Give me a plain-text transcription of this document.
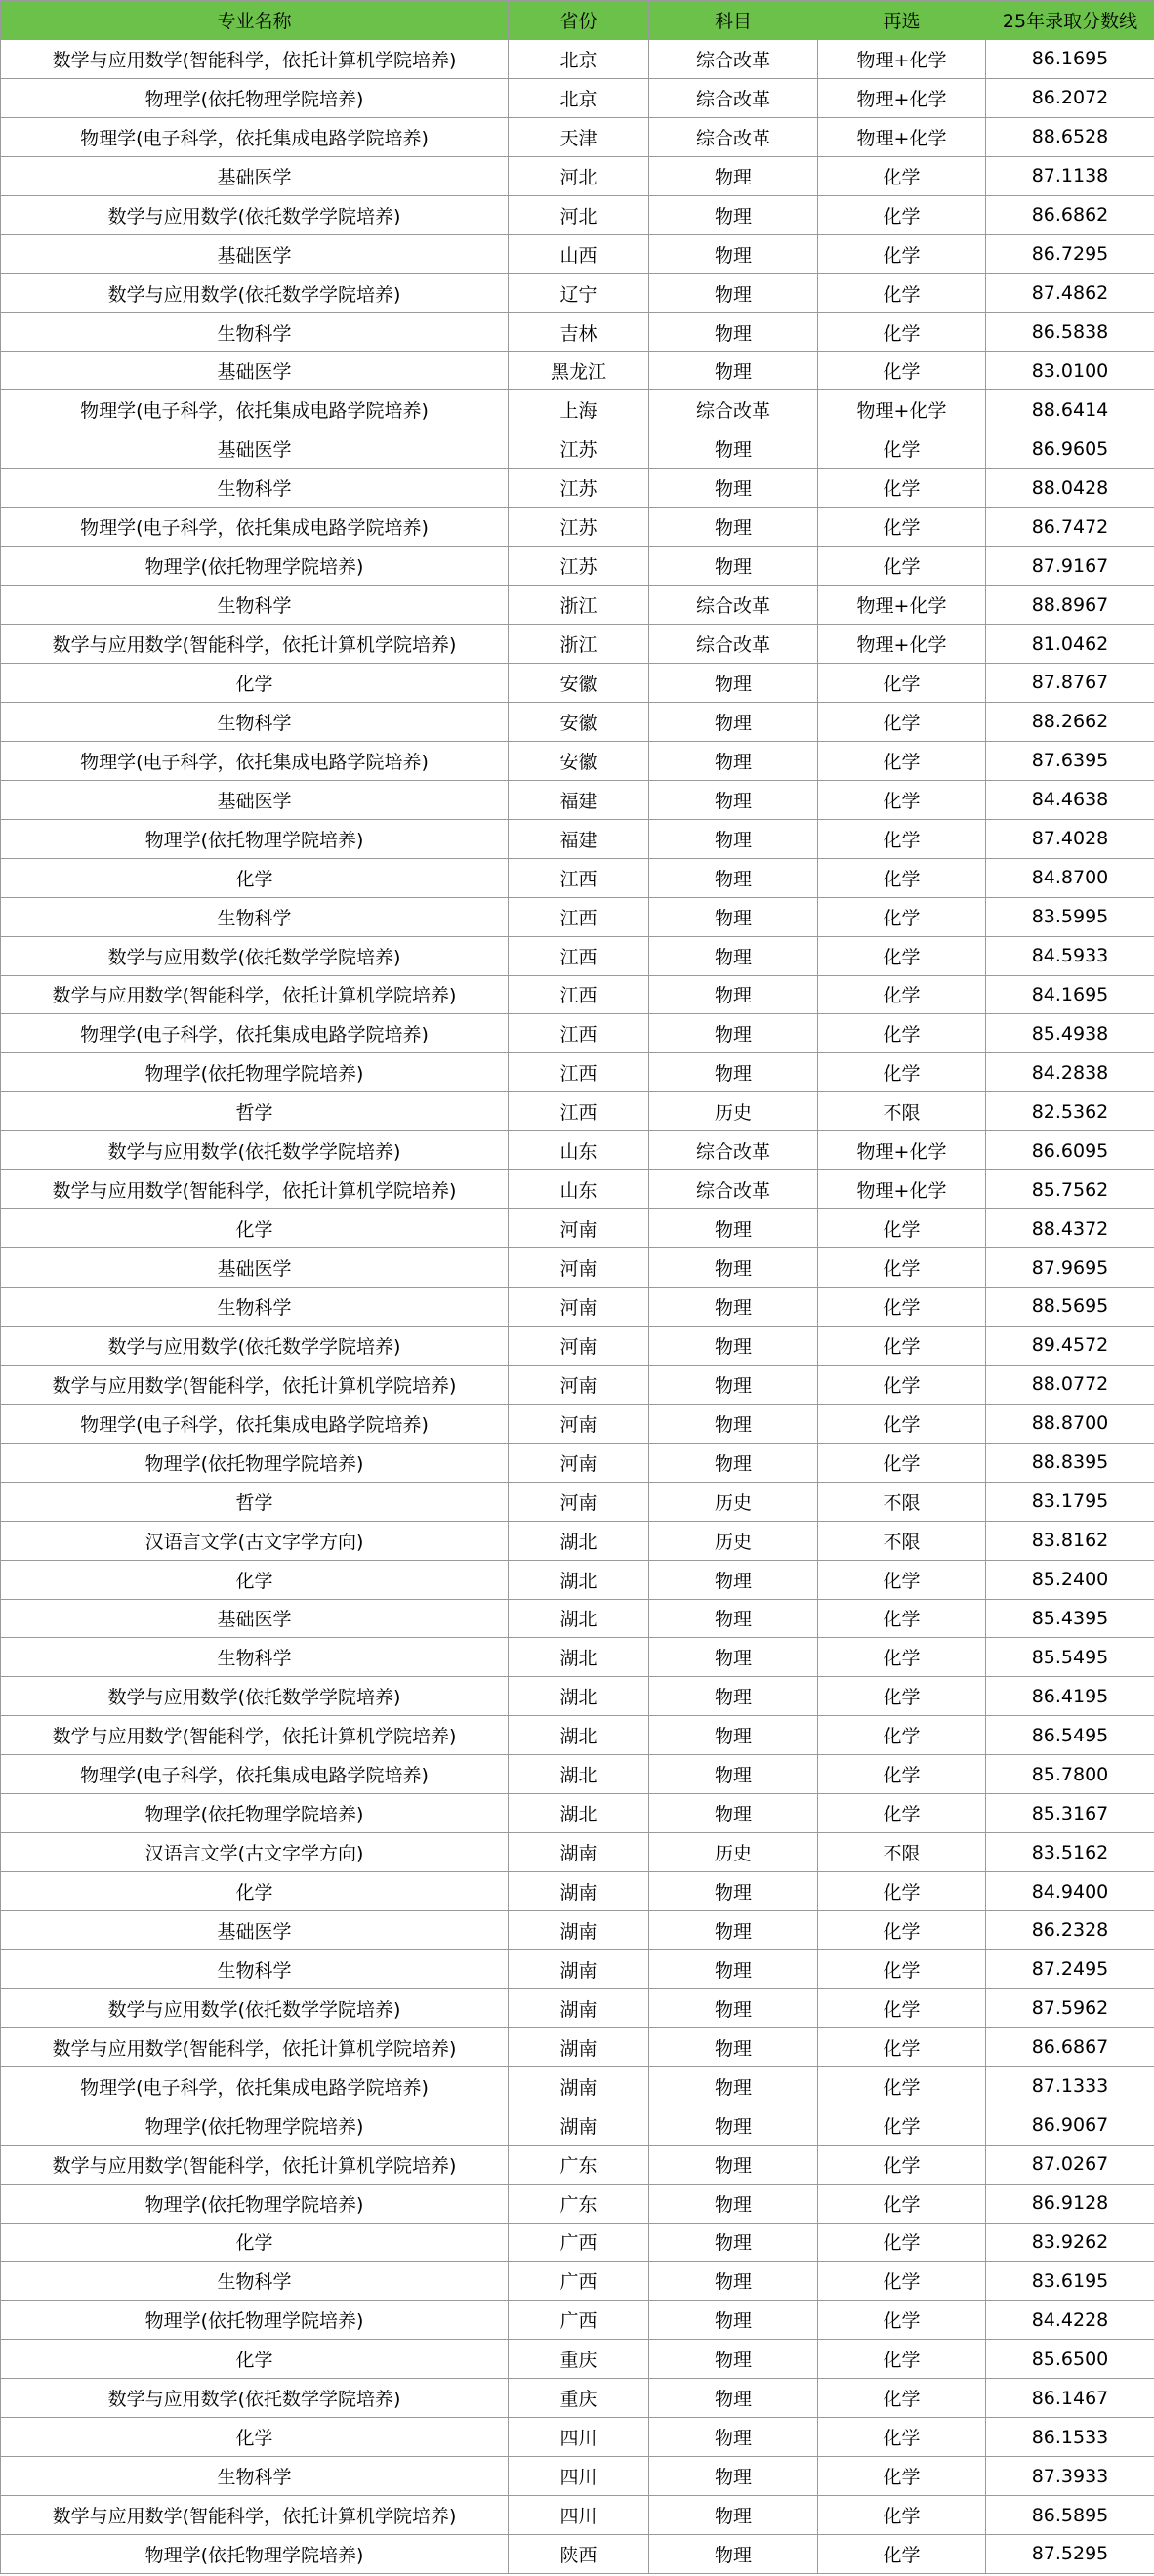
专业名称	省份	科目	再选	25年录取分数线
数学与应用数学(智能科学，依托计算机学院培养)	北京	综合改革	物理+化学	86.1695
物理学(依托物理学院培养)	北京	综合改革	物理+化学	86.2072
物理学(电子科学，依托集成电路学院培养)	天津	综合改革	物理+化学	88.6528
基础医学	河北	物理	化学	87.1138
数学与应用数学(依托数学学院培养)	河北	物理	化学	86.6862
基础医学	山西	物理	化学	86.7295
数学与应用数学(依托数学学院培养)	辽宁	物理	化学	87.4862
生物科学	吉林	物理	化学	86.5838
基础医学	黑龙江	物理	化学	83.0100
物理学(电子科学，依托集成电路学院培养)	上海	综合改革	物理+化学	88.6414
基础医学	江苏	物理	化学	86.9605
生物科学	江苏	物理	化学	88.0428
物理学(电子科学，依托集成电路学院培养)	江苏	物理	化学	86.7472
物理学(依托物理学院培养)	江苏	物理	化学	87.9167
生物科学	浙江	综合改革	物理+化学	88.8967
数学与应用数学(智能科学，依托计算机学院培养)	浙江	综合改革	物理+化学	81.0462
化学	安徽	物理	化学	87.8767
生物科学	安徽	物理	化学	88.2662
物理学(电子科学，依托集成电路学院培养)	安徽	物理	化学	87.6395
基础医学	福建	物理	化学	84.4638
物理学(依托物理学院培养)	福建	物理	化学	87.4028
化学	江西	物理	化学	84.8700
生物科学	江西	物理	化学	83.5995
数学与应用数学(依托数学学院培养)	江西	物理	化学	84.5933
数学与应用数学(智能科学，依托计算机学院培养)	江西	物理	化学	84.1695
物理学(电子科学，依托集成电路学院培养)	江西	物理	化学	85.4938
物理学(依托物理学院培养)	江西	物理	化学	84.2838
哲学	江西	历史	不限	82.5362
数学与应用数学(依托数学学院培养)	山东	综合改革	物理+化学	86.6095
数学与应用数学(智能科学，依托计算机学院培养)	山东	综合改革	物理+化学	85.7562
化学	河南	物理	化学	88.4372
基础医学	河南	物理	化学	87.9695
生物科学	河南	物理	化学	88.5695
数学与应用数学(依托数学学院培养)	河南	物理	化学	89.4572
数学与应用数学(智能科学，依托计算机学院培养)	河南	物理	化学	88.0772
物理学(电子科学，依托集成电路学院培养)	河南	物理	化学	88.8700
物理学(依托物理学院培养)	河南	物理	化学	88.8395
哲学	河南	历史	不限	83.1795
汉语言文学(古文字学方向)	湖北	历史	不限	83.8162
化学	湖北	物理	化学	85.2400
基础医学	湖北	物理	化学	85.4395
生物科学	湖北	物理	化学	85.5495
数学与应用数学(依托数学学院培养)	湖北	物理	化学	86.4195
数学与应用数学(智能科学，依托计算机学院培养)	湖北	物理	化学	86.5495
物理学(电子科学，依托集成电路学院培养)	湖北	物理	化学	85.7800
物理学(依托物理学院培养)	湖北	物理	化学	85.3167
汉语言文学(古文字学方向)	湖南	历史	不限	83.5162
化学	湖南	物理	化学	84.9400
基础医学	湖南	物理	化学	86.2328
生物科学	湖南	物理	化学	87.2495
数学与应用数学(依托数学学院培养)	湖南	物理	化学	87.5962
数学与应用数学(智能科学，依托计算机学院培养)	湖南	物理	化学	86.6867
物理学(电子科学，依托集成电路学院培养)	湖南	物理	化学	87.1333
物理学(依托物理学院培养)	湖南	物理	化学	86.9067
数学与应用数学(智能科学，依托计算机学院培养)	广东	物理	化学	87.0267
物理学(依托物理学院培养)	广东	物理	化学	86.9128
化学	广西	物理	化学	83.9262
生物科学	广西	物理	化学	83.6195
物理学(依托物理学院培养)	广西	物理	化学	84.4228
化学	重庆	物理	化学	85.6500
数学与应用数学(依托数学学院培养)	重庆	物理	化学	86.1467
化学	四川	物理	化学	86.1533
生物科学	四川	物理	化学	87.3933
数学与应用数学(智能科学，依托计算机学院培养)	四川	物理	化学	86.5895
物理学(依托物理学院培养)	陕西	物理	化学	87.5295
